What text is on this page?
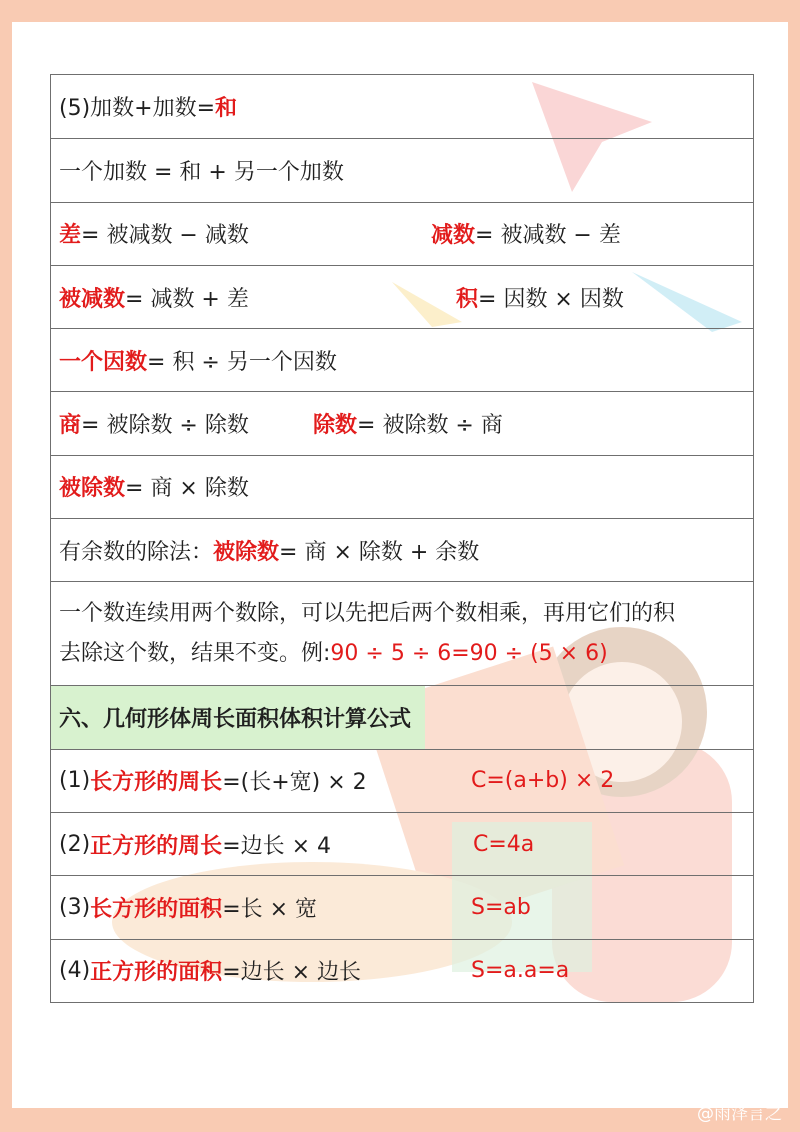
(5)加数+加数= 和
一个加数 = 和 + 另一个加数
差 = 被减数 − 减数	减数 = 被减数 − 差
被减数 = 减数 + 差	积 = 因数 × 因数
一个因数 = 积 ÷ 另一个因数
商 = 被除数 ÷ 除数	除数 = 被除数 ÷ 商
被除数 = 商 × 除数
有余数的除法： 被除数 = 商 × 除数 + 余数
一个数连续用两个数除，可以先把后两个数相乘，再用它们的积
去除这个数，结果不变。例:90 ÷ 5 ÷ 6=90 ÷ (5 × 6)
六、几何形体周长面积体积计算公式
(1) 长方形的周长 =(长+宽) × 2	C=(a+b) × 2
(2) 正方形的周长 =边长 × 4	C=4a
(3) 长方形的面积 =长 × 宽	S=ab
(4) 正方形的面积 =边长 × 边长	S=a.a=a
@雨泽言之
